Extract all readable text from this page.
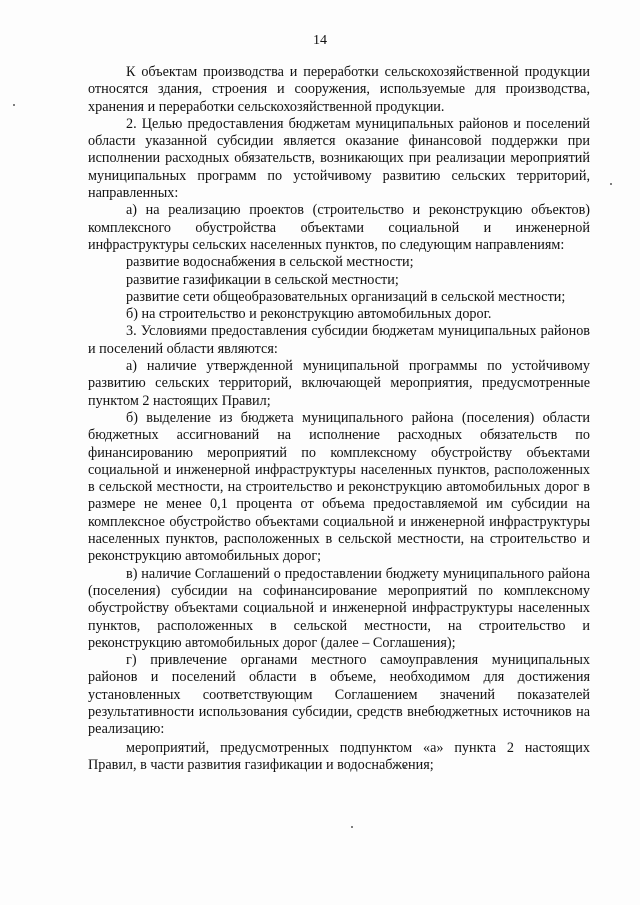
14

К объектам производства и переработки сельскохозяйственной продукции относятся здания, строения и сооружения, используемые для производства, хранения и переработки сельскохозяйственной продукции.

2. Целью предоставления бюджетам муниципальных районов и поселений области указанной субсидии является оказание финансовой поддержки при исполнении расходных обязательств, возникающих при реализации мероприятий муниципальных программ по устойчивому развитию сельских территорий, направленных:

а) на реализацию проектов (строительство и реконструкцию объектов) комплексного обустройства объектами социальной и инженерной инфраструктуры сельских населенных пунктов, по следующим направлениям:

развитие водоснабжения в сельской местности;

развитие газификации в сельской местности;

развитие сети общеобразовательных организаций в сельской местности;

б) на строительство и реконструкцию автомобильных дорог.

3. Условиями предоставления субсидии бюджетам муниципальных районов и поселений области являются:

а) наличие утвержденной муниципальной программы по устойчивому развитию сельских территорий, включающей мероприятия, предусмотренные пунктом 2 настоящих Правил;

б) выделение из бюджета муниципального района (поселения) области бюджетных ассигнований на исполнение расходных обязательств по финансированию мероприятий по комплексному обустройству объектами социальной и инженерной инфраструктуры населенных пунктов, расположенных в сельской местности, на строительство и реконструкцию автомобильных дорог в размере не менее 0,1 процента от объема предоставляемой им субсидии на комплексное обустройство объектами социальной и инженерной инфраструктуры населенных пунктов, расположенных в сельской местности, на строительство и реконструкцию автомобильных дорог;

в) наличие Соглашений о предоставлении бюджету муниципального района (поселения) субсидии на софинансирование мероприятий по комплексному обустройству объектами социальной и инженерной инфраструктуры населенных пунктов, расположенных в сельской местности, на строительство и реконструкцию автомобильных дорог (далее – Соглашения);

г) привлечение органами местного самоуправления муниципальных районов и поселений области в объеме, необходимом для достижения установленных соответствующим Соглашением значений показателей результативности использования субсидии, средств внебюджетных источников на реализацию:

мероприятий, предусмотренных подпунктом «а» пункта 2 настоящих Правил, в части развития газификации и водоснабжения;
